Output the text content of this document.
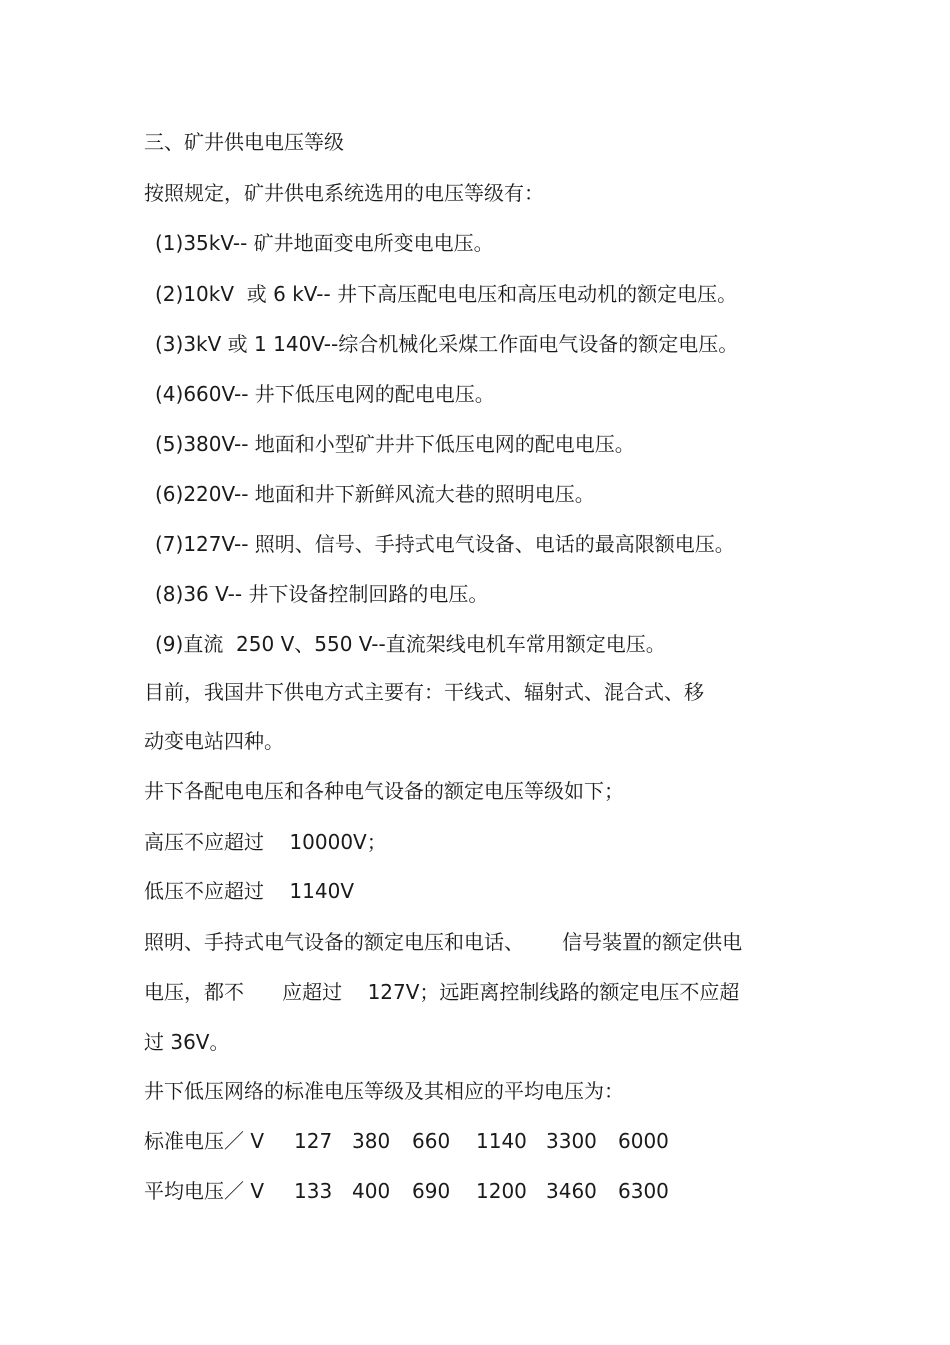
三、矿井供电电压等级
按照规定，矿井供电系统选用的电压等级有：
(1)35kV-- 矿井地面变电所变电电压。
(2)10kV  或 6 kV-- 井下高压配电电压和高压电动机的额定电压。
(3)3kV 或 1 140V--综合机械化采煤工作面电气设备的额定电压。
(4)660V-- 井下低压电网的配电电压。
(5)380V-- 地面和小型矿井井下低压电网的配电电压。
(6)220V-- 地面和井下新鲜风流大巷的照明电压。
(7)127V-- 照明、信号、手持式电气设备、电话的最高限额电压。
(8)36 V-- 井下设备控制回路的电压。
(9)直流  250 V、550 V--直流架线电机车常用额定电压。
目前，我国井下供电方式主要有：干线式、辐射式、混合式、移
动变电站四种。
井下各配电电压和各种电气设备的额定电压等级如下；
高压不应超过    10000V；
低压不应超过    1140V
照明、手持式电气设备的额定电压和电话、      信号装置的额定供电
电压，都不      应超过    127V；远距离控制线路的额定电压不应超
过 36V。
井下低压网络的标准电压等级及其相应的平均电压为：
标准电压／ V 127 380 660 1140 3300 6000
平均电压／ V 133 400 690 1200 3460 6300
